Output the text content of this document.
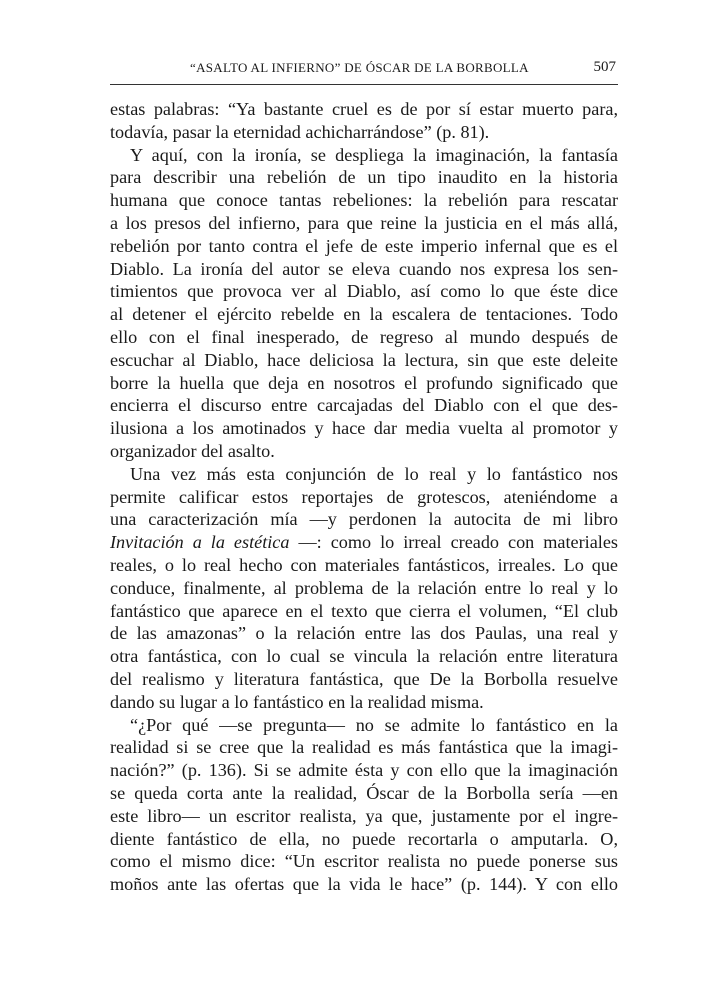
“ASALTO AL INFIERNO” DE ÓSCAR DE LA BORBOLLA	507
estas palabras: “Ya bastante cruel es de por sí estar muerto para,
todavía, pasar la eternidad achicharrándose” (p. 81).
Y aquí, con la ironía, se despliega la imaginación, la fantasía
para describir una rebelión de un tipo inaudito en la historia
humana que conoce tantas rebeliones: la rebelión para rescatar
a los presos del infierno, para que reine la justicia en el más allá,
rebelión por tanto contra el jefe de este imperio infernal que es el
Diablo. La ironía del autor se eleva cuando nos expresa los sen-
timientos que provoca ver al Diablo, así como lo que éste dice
al detener el ejército rebelde en la escalera de tentaciones. Todo
ello con el final inesperado, de regreso al mundo después de
escuchar al Diablo, hace deliciosa la lectura, sin que este deleite
borre la huella que deja en nosotros el profundo significado que
encierra el discurso entre carcajadas del Diablo con el que des-
ilusiona a los amotinados y hace dar media vuelta al promotor y
organizador del asalto.
Una vez más esta conjunción de lo real y lo fantástico nos
permite calificar estos reportajes de grotescos, ateniéndome a
una caracterización mía —y perdonen la autocita de mi libro
Invitación a la estética —: como lo irreal creado con materiales
reales, o lo real hecho con materiales fantásticos, irreales. Lo que
conduce, finalmente, al problema de la relación entre lo real y lo
fantástico que aparece en el texto que cierra el volumen, “El club
de las amazonas” o la relación entre las dos Paulas, una real y
otra fantástica, con lo cual se vincula la relación entre literatura
del realismo y literatura fantástica, que De la Borbolla resuelve
dando su lugar a lo fantástico en la realidad misma.
“¿Por qué —se pregunta— no se admite lo fantástico en la
realidad si se cree que la realidad es más fantástica que la imagi-
nación?” (p. 136). Si se admite ésta y con ello que la imaginación
se queda corta ante la realidad, Óscar de la Borbolla sería —en
este libro— un escritor realista, ya que, justamente por el ingre-
diente fantástico de ella, no puede recortarla o amputarla. O,
como el mismo dice: “Un escritor realista no puede ponerse sus
moños ante las ofertas que la vida le hace” (p. 144). Y con ello
